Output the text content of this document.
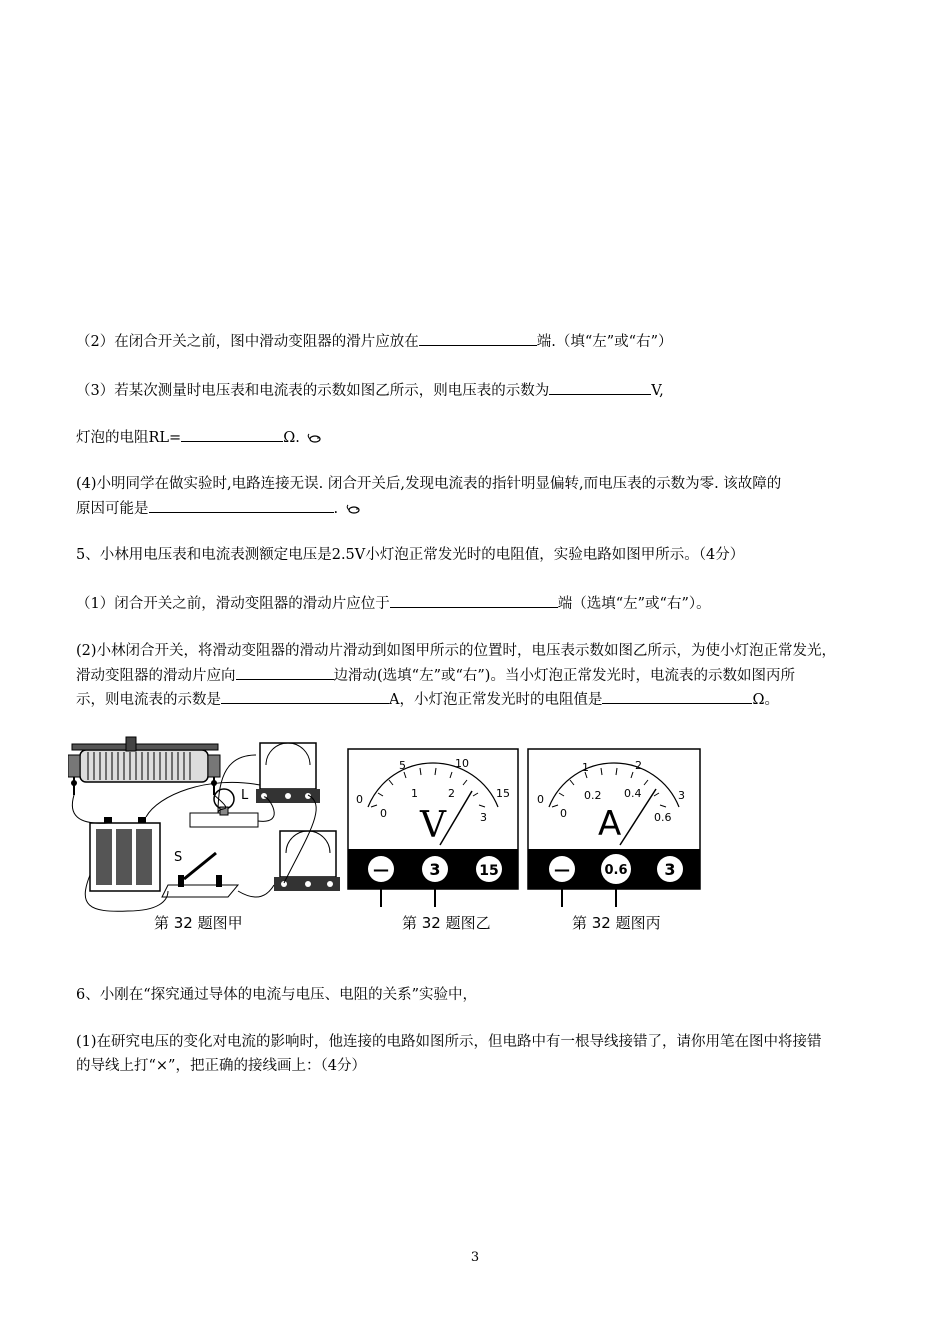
（2）在闭合开关之前，图中滑动变阻器的滑片应放在	端.（填“左”或“右”）
（3）若某次测量时电压表和电流表的示数如图乙所示，则电压表的示数为	V,
灯泡的电阻RL=	Ω.
(4)小明同学在做实验时,电路连接无误. 闭合开关后,发现电流表的指针明显偏转,而电压表的示数为零. 该故障的
原因可能是	.
5、小林用电压表和电流表测额定电压是2.5V小灯泡正常发光时的电阻值，实验电路如图甲所示。（4分）
（1）闭合开关之前，滑动变阻器的滑动片应位于	端（选填“左”或“右”）。
(2)小林闭合开关，将滑动变阻器的滑动片滑动到如图甲所示的位置时，电压表示数如图乙所示，为使小灯泡正常发光，
滑动变阻器的滑动片应向	边滑动(选填“左”或“右”)。当小灯泡正常发光时，电流表的示数如图丙所
示，则电流表的示数是	A，小灯泡正常发光时的电阻值是	Ω。
L
S
0
5	10
15
0
1	2
3
V
—	3	15
0
1	2
3
0
0.2 0.4
0.6
A
—	0.6 3
第 32 题图甲	第 32 题图乙	第 32 题图丙
6、小刚在“探究通过导体的电流与电压、电阻的关系”实验中，
(1)在研究电压的变化对电流的影响时，他连接的电路如图所示，但电路中有一根导线接错了，请你用笔在图中将接错
的导线上打“×”，把正确的接线画上：（4分）
3
